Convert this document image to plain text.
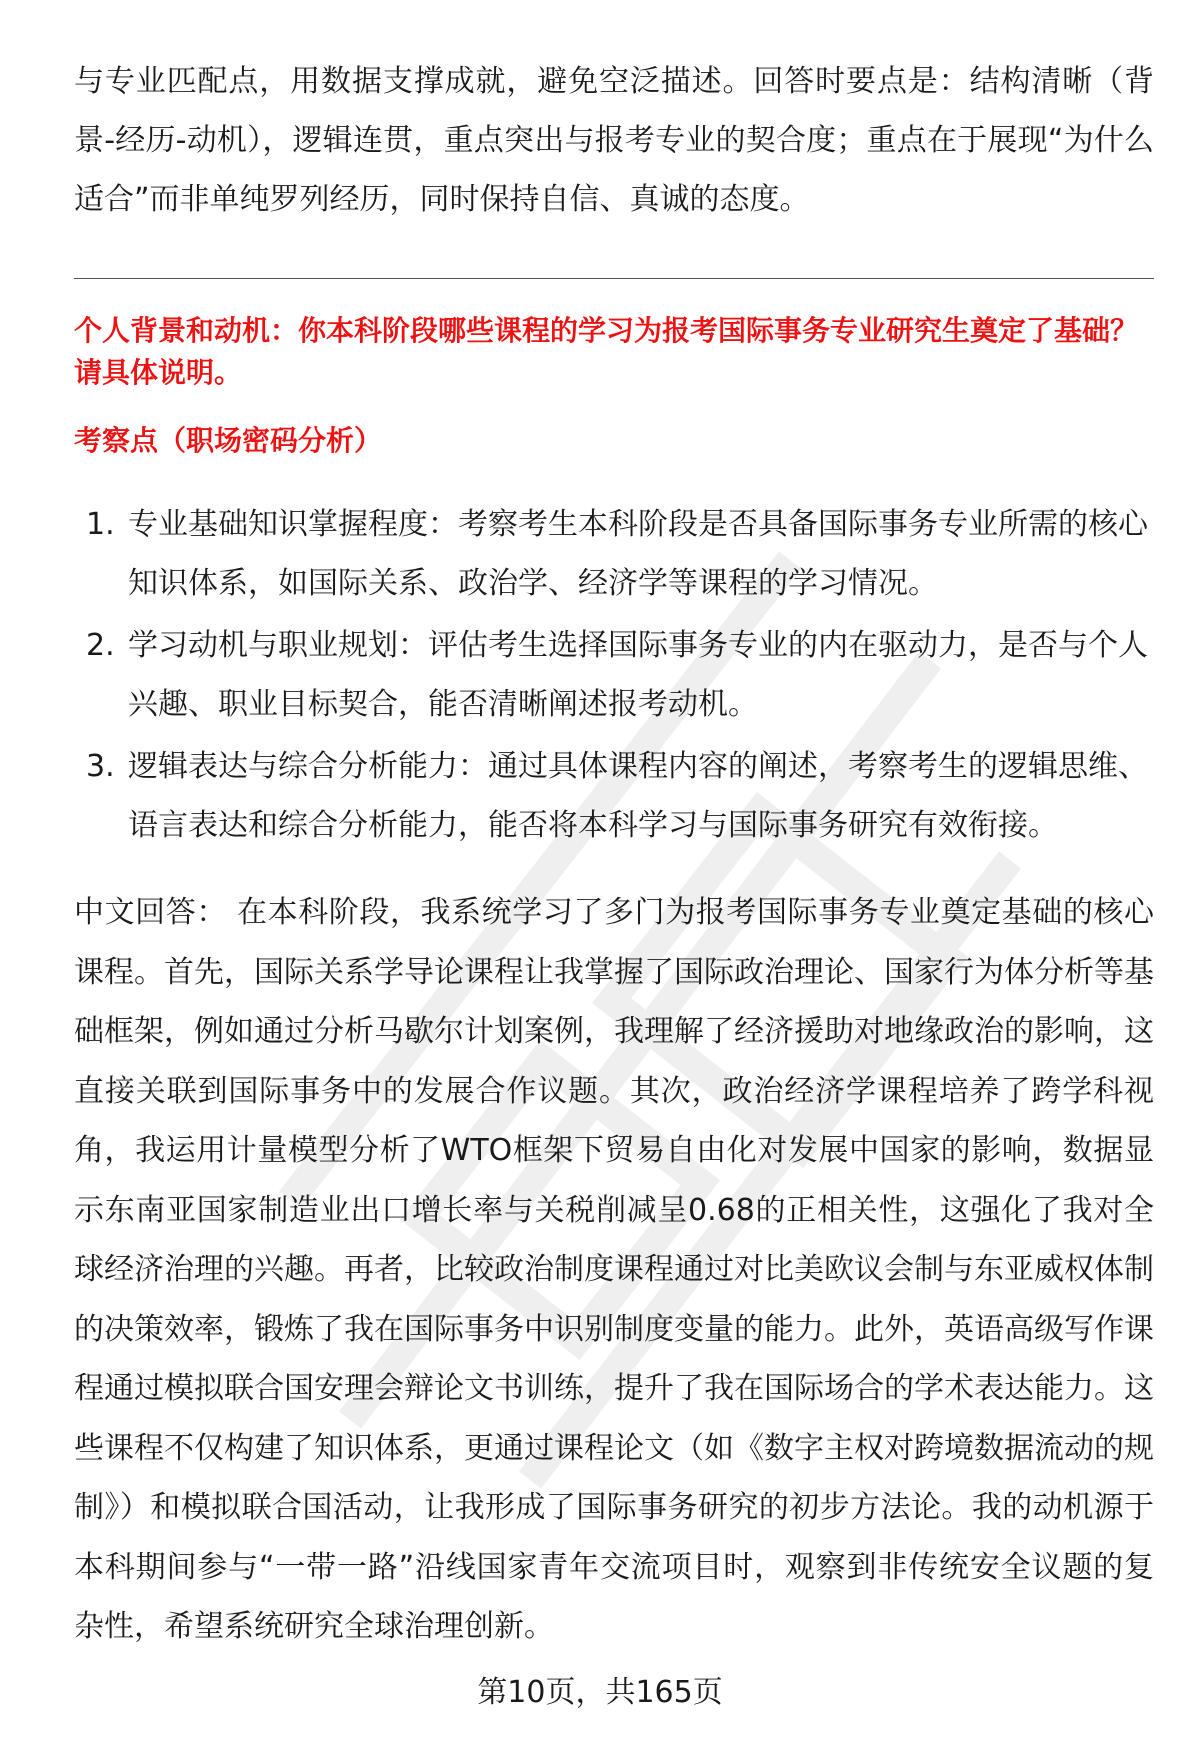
与专业匹配点，用数据支撑成就，避免空泛描述。回答时要点是：结构清晰（背景-经历-动机），逻辑连贯，重点突出与报考专业的契合度；重点在于展现“为什么适合”而非单纯罗列经历，同时保持自信、真诚的态度。

个人背景和动机：你本科阶段哪些课程的学习为报考国际事务专业研究生奠定了基础？请具体说明。

考察点（职场密码分析）

1. 专业基础知识掌握程度：考察考生本科阶段是否具备国际事务专业所需的核心知识体系，如国际关系、政治学、经济学等课程的学习情况。
2. 学习动机与职业规划：评估考生选择国际事务专业的内在驱动力，是否与个人兴趣、职业目标契合，能否清晰阐述报考动机。
3. 逻辑表达与综合分析能力：通过具体课程内容的阐述，考察考生的逻辑思维、语言表达和综合分析能力，能否将本科学习与国际事务研究有效衔接。

中文回答： 在本科阶段，我系统学习了多门为报考国际事务专业奠定基础的核心课程。首先，国际关系学导论课程让我掌握了国际政治理论、国家行为体分析等基础框架，例如通过分析马歇尔计划案例，我理解了经济援助对地缘政治的影响，这直接关联到国际事务中的发展合作议题。其次，政治经济学课程培养了跨学科视角，我运用计量模型分析了WTO框架下贸易自由化对发展中国家的影响，数据显示东南亚国家制造业出口增长率与关税削减呈0.68的正相关性，这强化了我对全球经济治理的兴趣。再者，比较政治制度课程通过对比美欧议会制与东亚威权体制的决策效率，锻炼了我在国际事务中识别制度变量的能力。此外，英语高级写作课程通过模拟联合国安理会辩论文书训练，提升了我在国际场合的学术表达能力。这些课程不仅构建了知识体系，更通过课程论文（如《数字主权对跨境数据流动的规制》）和模拟联合国活动，让我形成了国际事务研究的初步方法论。我的动机源于本科期间参与“一带一路”沿线国家青年交流项目时，观察到非传统安全议题的复杂性，希望系统研究全球治理创新。

第10页，共165页
